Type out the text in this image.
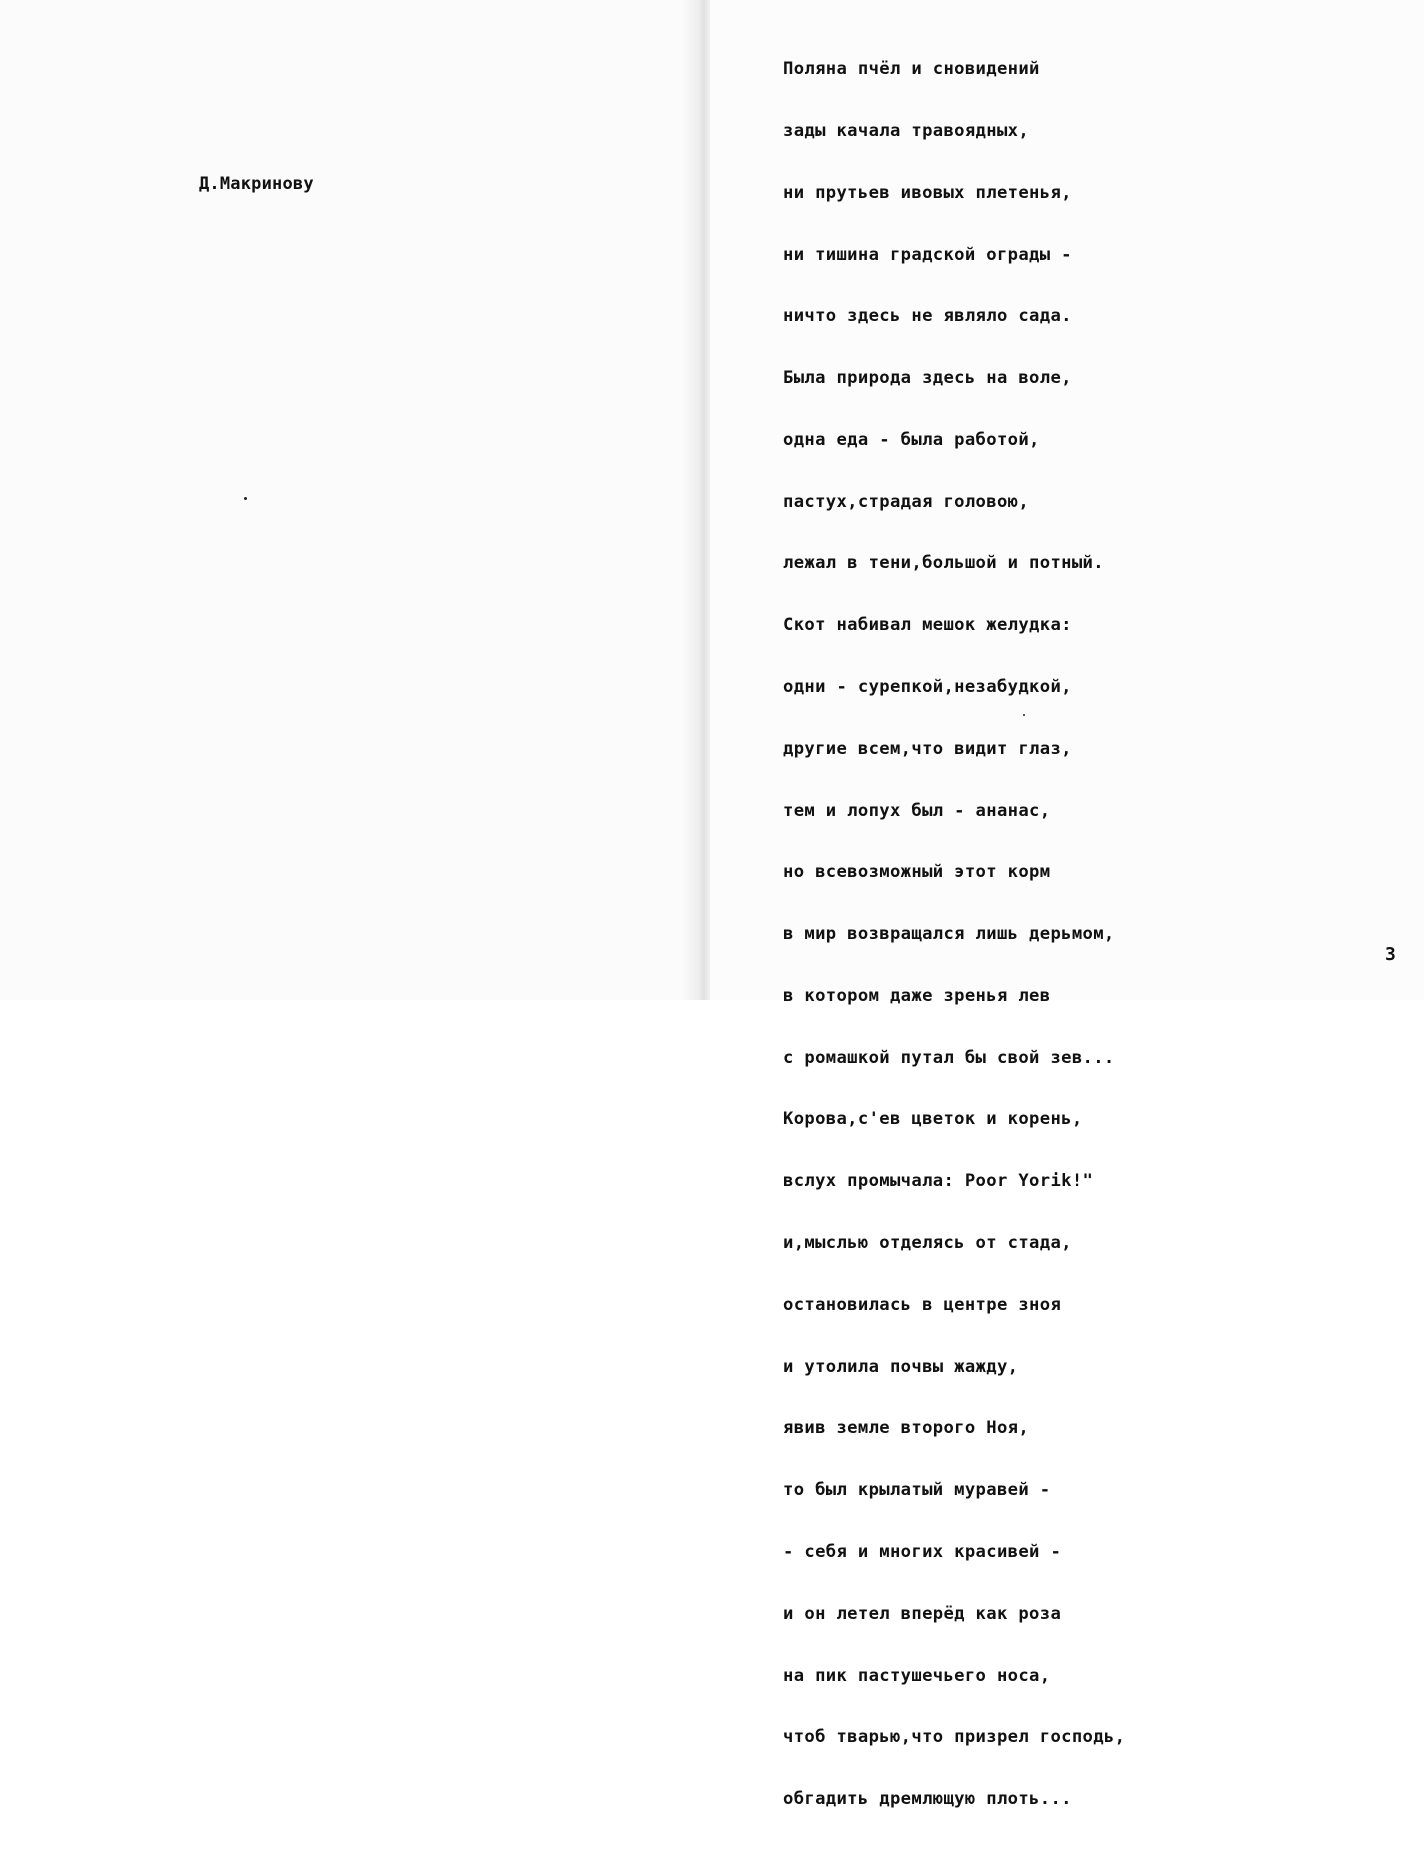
Д.Макринову
3

Поляна пчёл и сновидений

зады качала травоядных,

ни прутьев ивовых плетенья,

ни тишина градской ограды -

ничто здесь не являло сада.

Была природа здесь на воле,

одна еда - была работой,

пастух,страдая головою,

лежал в тени,большой и потный.

Скот набивал мешок желудка:

одни - сурепкой,незабудкой,

другие всем,что видит глаз,

тем и лопух был - ананас,

но всевозможный этот корм

в мир возвращался лишь дерьмом,

в котором даже зренья лев

с ромашкой путал бы свой зев...

Корова,с'ев цветок и корень,

вслух промычала: Poor Yorik!"

и,мыслью отделясь от стада,

остановилась в центре зноя

и утолила почвы жажду,

явив земле второго Ноя,

то был крылатый муравей -

- себя и многих красивей -

и он летел вперёд как роза

на пик пастушечьего носа,

чтоб тварью,что призрел господь,

обгадить дремлющую плоть...
